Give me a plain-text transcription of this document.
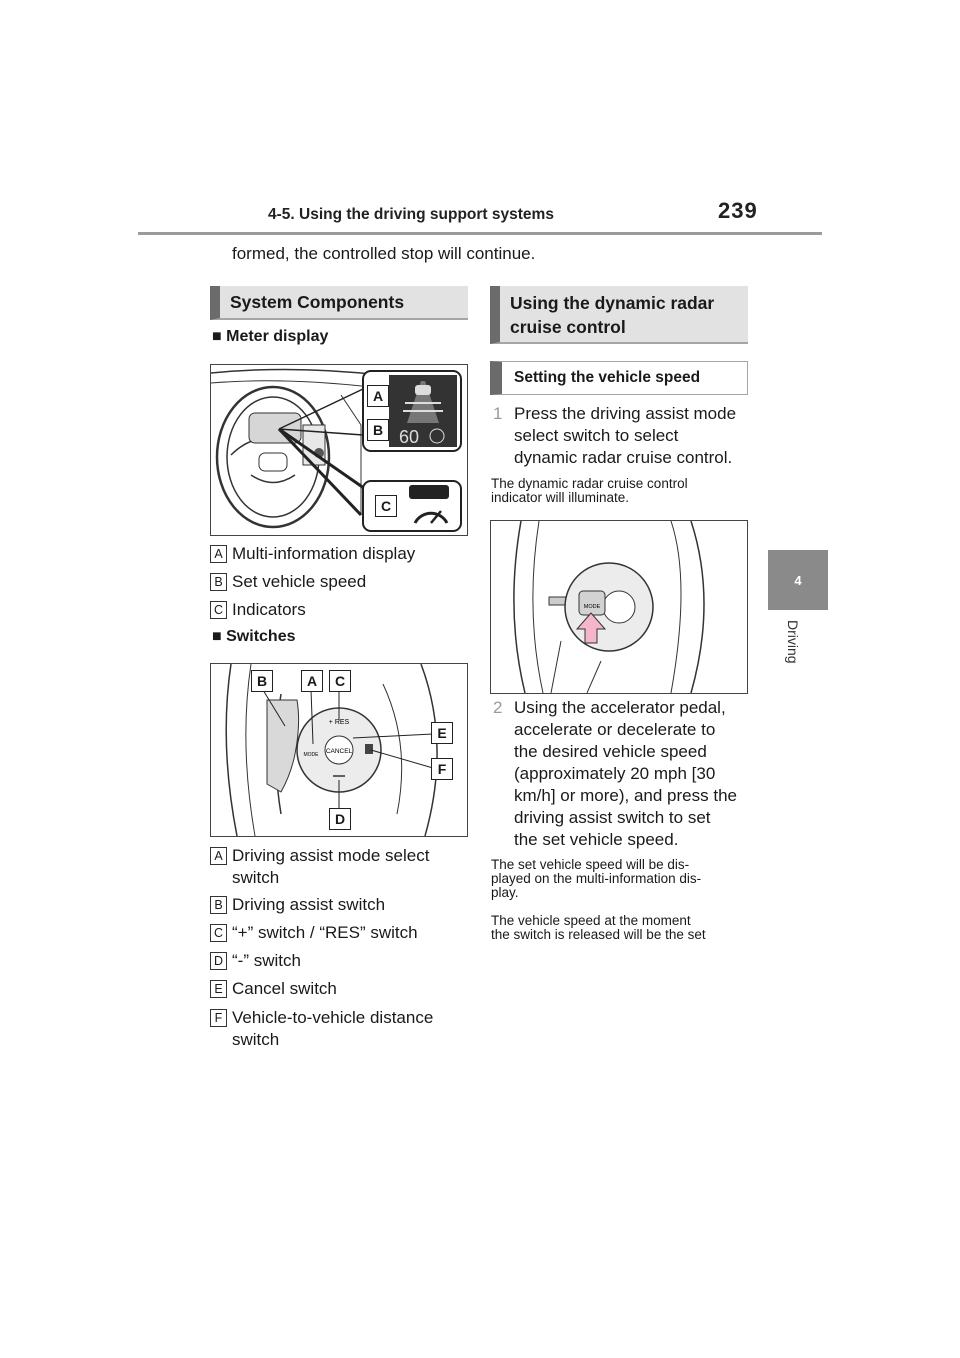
4-5. Using the driving support systems	239
4
Driving
formed, the controlled stop will continue.
System Components
■ Meter display
60
A
B
C
A Multi-information display
B Set vehicle speed
C Indicators
■ Switches
CANCEL
+ RES
MODE
B	A	C
E
F
D
A Driving assist mode select
switch
B Driving assist switch
C “+” switch / “RES” switch
D “-” switch
E Cancel switch
F Vehicle-to-vehicle distance
switch
Using the dynamic radar
cruise control
Setting the vehicle speed
1 Press the driving assist mode
select switch to select
dynamic radar cruise control.
The dynamic radar cruise control
indicator will illuminate.
MODE
2 Using the accelerator pedal,
accelerate or decelerate to
the desired vehicle speed
(approximately 20 mph [30
km/h] or more), and press the
driving assist switch to set
the set vehicle speed.
The set vehicle speed will be dis-
played on the multi-information dis-
play.
The vehicle speed at the moment
the switch is released will be the set
